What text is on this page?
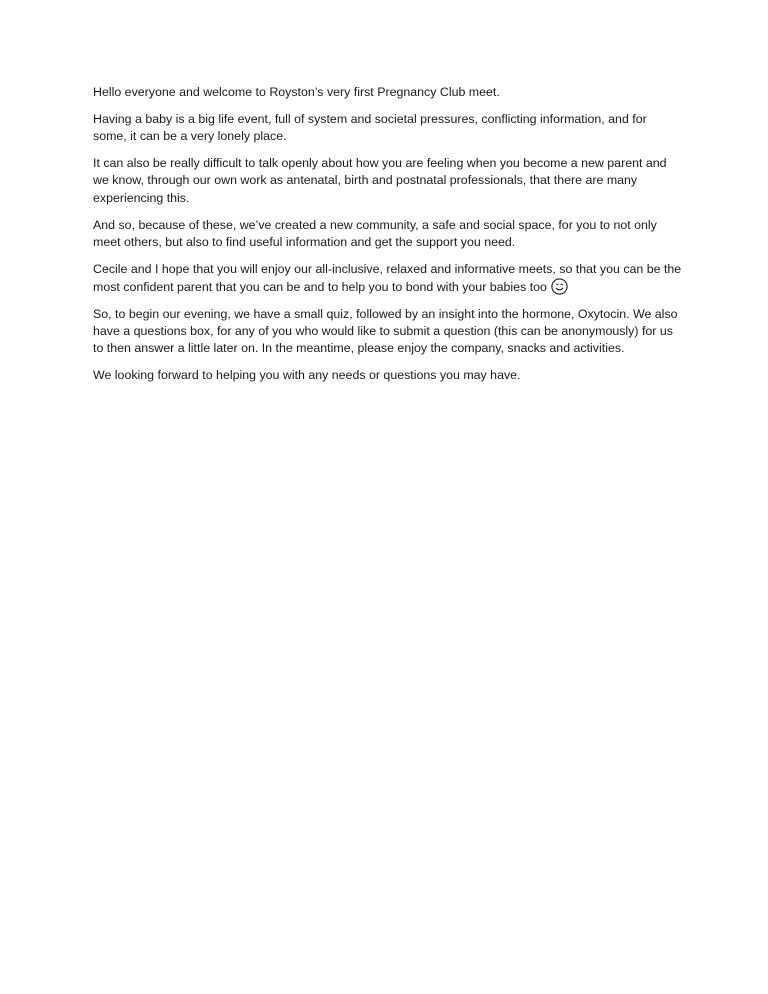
Hello everyone and welcome to Royston’s very first Pregnancy Club meet.

Having a baby is a big life event, full of system and societal pressures, conflicting information, and for some, it can be a very lonely place.

It can also be really difficult to talk openly about how you are feeling when you become a new parent and we know, through our own work as antenatal, birth and postnatal professionals, that there are many experiencing this.

And so, because of these, we’ve created a new community, a safe and social space, for you to not only meet others, but also to find useful information and get the support you need.

Cecile and I hope that you will enjoy our all-inclusive, relaxed and informative meets, so that you can be the most confident parent that you can be and to help you to bond with your babies too

So, to begin our evening, we have a small quiz, followed by an insight into the hormone, Oxytocin. We also have a questions box, for any of you who would like to submit a question (this can be anonymously) for us to then answer a little later on. In the meantime, please enjoy the company, snacks and activities.

We looking forward to helping you with any needs or questions you may have.
